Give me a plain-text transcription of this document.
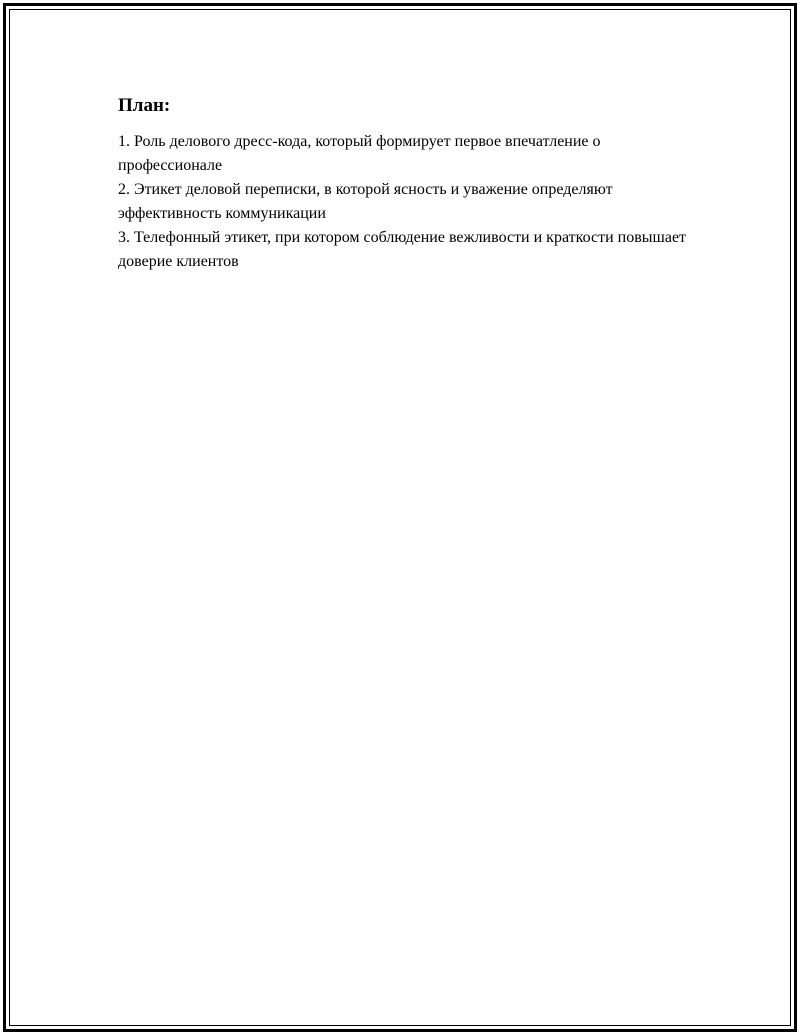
План:
1. Роль делового дресс-кода, который формирует первое впечатление о профессионале
2. Этикет деловой переписки, в которой ясность и уважение определяют эффективность коммуникации
3. Телефонный этикет, при котором соблюдение вежливости и краткости повышает доверие клиентов
